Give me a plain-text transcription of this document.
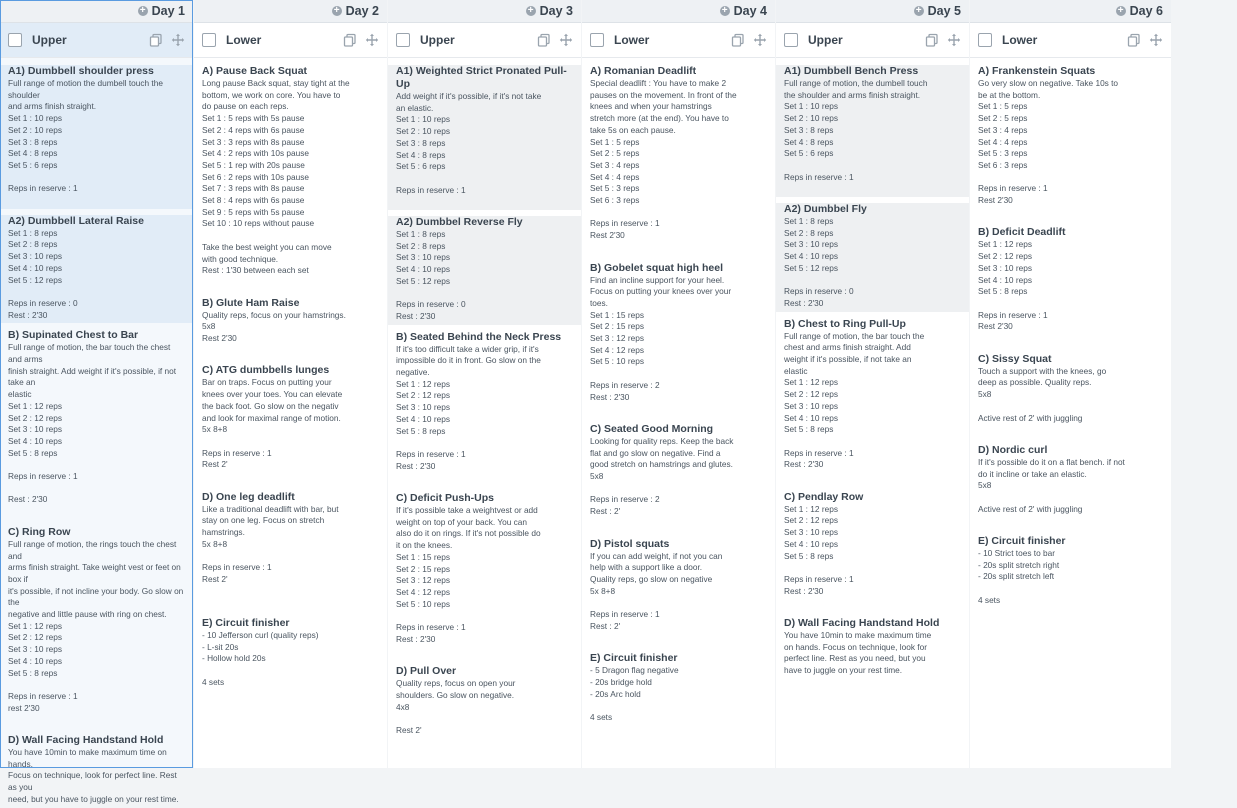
+ Day 1
Upper
A1) Dumbbell shoulder press
Full range of motion the dumbell touch the shoulder
and arms finish straight.
Set 1 : 10 reps
Set 2 : 10 reps
Set 3 : 8 reps
Set 4 : 8 reps
Set 5 : 6 reps
Reps in reserve : 1
A2) Dumbbell Lateral Raise
Set 1 : 8 reps
Set 2 : 8 reps
Set 3 : 10 reps
Set 4 : 10 reps
Set 5 : 12 reps
Reps in reserve : 0
Rest : 2'30
B) Supinated Chest to Bar
Full range of motion, the bar touch the chest and arms
finish straight. Add weight if it's possible, if not take an
elastic
Set 1 : 12 reps
Set 2 : 12 reps
Set 3 : 10 reps
Set 4 : 10 reps
Set 5 : 8 reps
Reps in reserve : 1
Rest : 2'30
C) Ring Row
Full range of motion, the rings touch the chest and
arms finish straight. Take weight vest or feet on box if
it's possible, if not incline your body. Go slow on the
negative and little pause with ring on chest.
Set 1 : 12 reps
Set 2 : 12 reps
Set 3 : 10 reps
Set 4 : 10 reps
Set 5 : 8 reps
Reps in reserve : 1
rest 2'30
D) Wall Facing Handstand Hold
You have 10min to make maximum time on hands.
Focus on technique, look for perfect line. Rest as you
need, but you have to juggle on your rest time.
+ Day 2
Lower
A) Pause Back Squat
Long pause Back squat, stay tight at the
bottom, we work on core. You have to
do pause on each reps.
Set 1 : 5 reps with 5s pause
Set 2 : 4 reps with 6s pause
Set 3 : 3 reps with 8s pause
Set 4 : 2 reps with 10s pause
Set 5 : 1 rep with 20s pause
Set 6 : 2 reps with 10s pause
Set 7 : 3 reps with 8s pause
Set 8 : 4 reps with 6s pause
Set 9 : 5 reps with 5s pause
Set 10 : 10 reps without pause
Take the best weight you can move
with good technique.
Rest : 1'30 between each set
B) Glute Ham Raise
Quality reps, focus on your hamstrings.
5x8
Rest 2'30
C) ATG dumbbells lunges
Bar on traps. Focus on putting your
knees over your toes. You can elevate
the back foot. Go slow on the negativ
and look for maximal range of motion.
5x 8+8
Reps in reserve : 1
Rest 2'
D) One leg deadlift
Like a traditional deadlift with bar, but
stay on one leg. Focus on stretch
hamstrings.
5x 8+8
Reps in reserve : 1
Rest 2'
E) Circuit finisher
- 10 Jefferson curl (quality reps)
- L-sit 20s
- Hollow hold 20s
4 sets
+ Day 3
Upper
A1) Weighted Strict Pronated Pull-Up
Add weight if it's possible, if it's not take
an elastic.
Set 1 : 10 reps
Set 2 : 10 reps
Set 3 : 8 reps
Set 4 : 8 reps
Set 5 : 6 reps
Reps in reserve : 1
A2) Dumbbel Reverse Fly
Set 1 : 8 reps
Set 2 : 8 reps
Set 3 : 10 reps
Set 4 : 10 reps
Set 5 : 12 reps
Reps in reserve : 0
Rest : 2'30
B) Seated Behind the Neck Press
If it's too difficult take a wider grip, if it's
impossible do it in front. Go slow on the
negative.
Set 1 : 12 reps
Set 2 : 12 reps
Set 3 : 10 reps
Set 4 : 10 reps
Set 5 : 8 reps
Reps in reserve : 1
Rest : 2'30
C) Deficit Push-Ups
If it's possible take a weightvest or add
weight on top of your back. You can
also do it on rings. If it's not possible do
it on the knees.
Set 1 : 15 reps
Set 2 : 15 reps
Set 3 : 12 reps
Set 4 : 12 reps
Set 5 : 10 reps
Reps in reserve : 1
Rest : 2'30
D) Pull Over
Quality reps, focus on open your
shoulders. Go slow on negative.
4x8
Rest 2'
+ Day 4
Lower
A) Romanian Deadlift
Special deadlift : You have to make 2
pauses on the movement. In front of the
knees and when your hamstrings
stretch more (at the end). You have to
take 5s on each pause.
Set 1 : 5 reps
Set 2 : 5 reps
Set 3 : 4 reps
Set 4 : 4 reps
Set 5 : 3 reps
Set 6 : 3 reps
Reps in reserve : 1
Rest 2'30
B) Gobelet squat high heel
Find an incline support for your heel.
Focus on putting your knees over your
toes.
Set 1 : 15 reps
Set 2 : 15 reps
Set 3 : 12 reps
Set 4 : 12 reps
Set 5 : 10 reps
Reps in reserve : 2
Rest : 2'30
C) Seated Good Morning
Looking for quality reps. Keep the back
flat and go slow on negative. Find a
good stretch on hamstrings and glutes.
5x8
Reps in reserve : 2
Rest : 2'
D) Pistol squats
If you can add weight, if not you can
help with a support like a door.
Quality reps, go slow on negative
5x 8+8
Reps in reserve : 1
Rest : 2'
E) Circuit finisher
- 5 Dragon flag negative
- 20s bridge hold
- 20s Arc hold
4 sets
+ Day 5
Upper
A1) Dumbbell Bench Press
Full range of motion, the dumbell touch
the shoulder and arms finish straight.
Set 1 : 10 reps
Set 2 : 10 reps
Set 3 : 8 reps
Set 4 : 8 reps
Set 5 : 6 reps
Reps in reserve : 1
A2) Dumbbel Fly
Set 1 : 8 reps
Set 2 : 8 reps
Set 3 : 10 reps
Set 4 : 10 reps
Set 5 : 12 reps
Reps in reserve : 0
Rest : 2'30
B) Chest to Ring Pull-Up
Full range of motion, the bar touch the
chest and arms finish straight. Add
weight if it's possible, if not take an
elastic
Set 1 : 12 reps
Set 2 : 12 reps
Set 3 : 10 reps
Set 4 : 10 reps
Set 5 : 8 reps
Reps in reserve : 1
Rest : 2'30
C) Pendlay Row
Set 1 : 12 reps
Set 2 : 12 reps
Set 3 : 10 reps
Set 4 : 10 reps
Set 5 : 8 reps
Reps in reserve : 1
Rest : 2'30
D) Wall Facing Handstand Hold
You have 10min to make maximum time
on hands. Focus on technique, look for
perfect line. Rest as you need, but you
have to juggle on your rest time.
+ Day 6
Lower
A) Frankenstein Squats
Go very slow on negative. Take 10s to
be at the bottom.
Set 1 : 5 reps
Set 2 : 5 reps
Set 3 : 4 reps
Set 4 : 4 reps
Set 5 : 3 reps
Set 6 : 3 reps
Reps in reserve : 1
Rest 2'30
B) Deficit Deadlift
Set 1 : 12 reps
Set 2 : 12 reps
Set 3 : 10 reps
Set 4 : 10 reps
Set 5 : 8 reps
Reps in reserve : 1
Rest 2'30
C) Sissy Squat
Touch a support with the knees, go
deep as possible. Quality reps.
5x8
Active rest of 2' with juggling
D) Nordic curl
If it's possible do it on a flat bench. if not
do it incline or take an elastic.
5x8
Active rest of 2' with juggling
E) Circuit finisher
- 10 Strict toes to bar
- 20s split stretch right
- 20s split stretch left
4 sets
